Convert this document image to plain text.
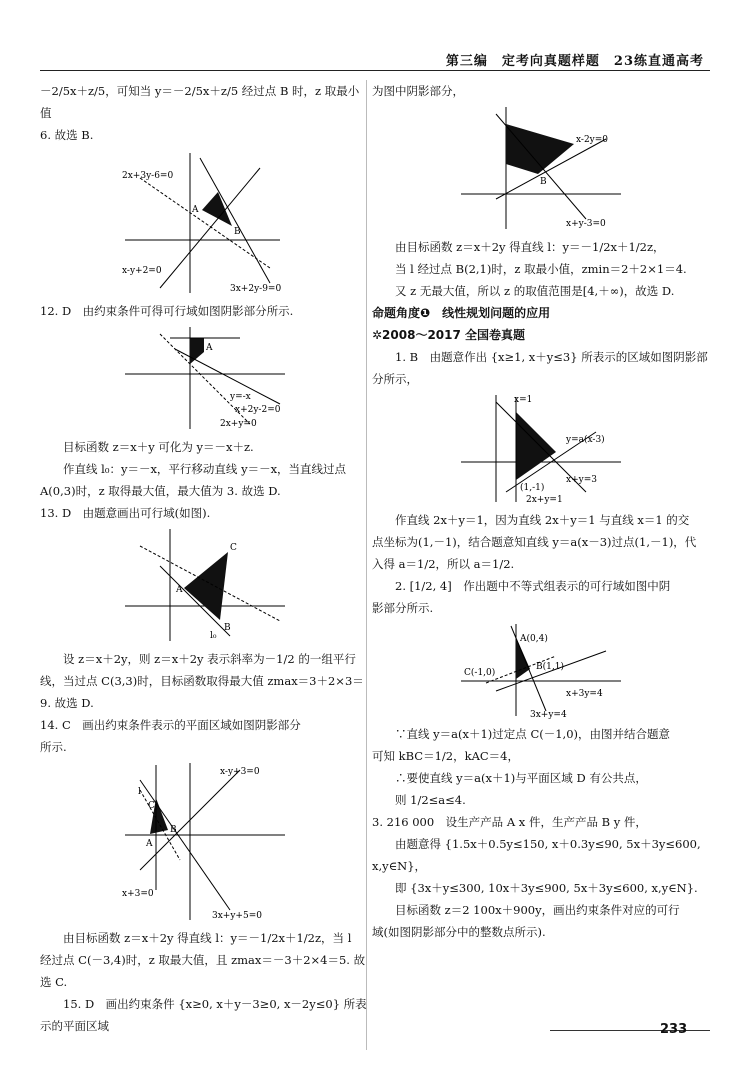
第三编　定考向真题样题　23练直通高考

－2/5x＋z/5，可知当 y＝－2/5x＋z/5 经过点 B 时，z 取最小值

6. 故选 B.

2x+3y-6=0
x-y+2=0
3x+2y-9=0
A
B

12. D　由约束条件可得可行域如图阴影部分所示.

y=-x
x+2y-2=0
2x+y=0
A

目标函数 z＝x＋y 可化为 y＝－x＋z.

作直线 l₀：y＝－x，平行移动直线 y＝－x，当直线过点

A(0,3)时，z 取得最大值，最大值为 3. 故选 D.

13. D　由题意画出可行域(如图).

A
B
C
l₀

设 z＝x＋2y，则 z＝x＋2y 表示斜率为－1/2 的一组平行

线，当过点 C(3,3)时，目标函数取得最大值 zmax＝3＋2×3＝

9. 故选 D.

14. C　画出约束条件表示的平面区域如图阴影部分

所示.

x-y+3=0
x+3=0
3x+y+5=0
A
B
C
l

由目标函数 z＝x＋2y 得直线 l：y＝－1/2x＋1/2z，当 l

经过点 C(－3,4)时，z 取最大值，且 zmax＝－3＋2×4＝5. 故

选 C.

15. D　画出约束条件 {x≥0, x＋y－3≥0, x－2y≤0} 所表示的平面区域

为图中阴影部分，

x-2y=0
x+y-3=0
B

由目标函数 z＝x＋2y 得直线 l：y＝－1/2x＋1/2z，

当 l 经过点 B(2,1)时，z 取最小值，zmin＝2＋2×1＝4.

又 z 无最大值，所以 z 的取值范围是[4,＋∞)，故选 D.

命题角度❶　线性规划问题的应用

✲2008～2017 全国卷真题

1. B　由题意作出 {x≥1, x＋y≤3} 所表示的区域如图阴影部

分所示，

x=1
y=a(x-3)
x+y=3
2x+y=1
(1,-1)

作直线 2x＋y＝1，因为直线 2x＋y＝1 与直线 x＝1 的交

点坐标为(1,－1)，结合题意知直线 y＝a(x－3)过点(1,－1)，代

入得 a＝1/2，所以 a＝1/2.

2. [1/2, 4]　作出题中不等式组表示的可行域如图中阴

影部分所示.

A(0,4)
B(1,1)
C(-1,0)
x+3y=4
3x+y=4

∵直线 y＝a(x＋1)过定点 C(－1,0)，由图并结合题意

可知 kBC＝1/2，kAC＝4，

∴要使直线 y＝a(x＋1)与平面区域 D 有公共点，

则 1/2≤a≤4.

3. 216 000　设生产产品 A x 件，生产产品 B y 件，

由题意得 {1.5x＋0.5y≤150, x＋0.3y≤90, 5x＋3y≤600, x,y∈N}，

即 {3x＋y≤300, 10x＋3y≤900, 5x＋3y≤600, x,y∈N}.

目标函数 z＝2 100x＋900y，画出约束条件对应的可行

域(如图阴影部分中的整数点所示).

233
